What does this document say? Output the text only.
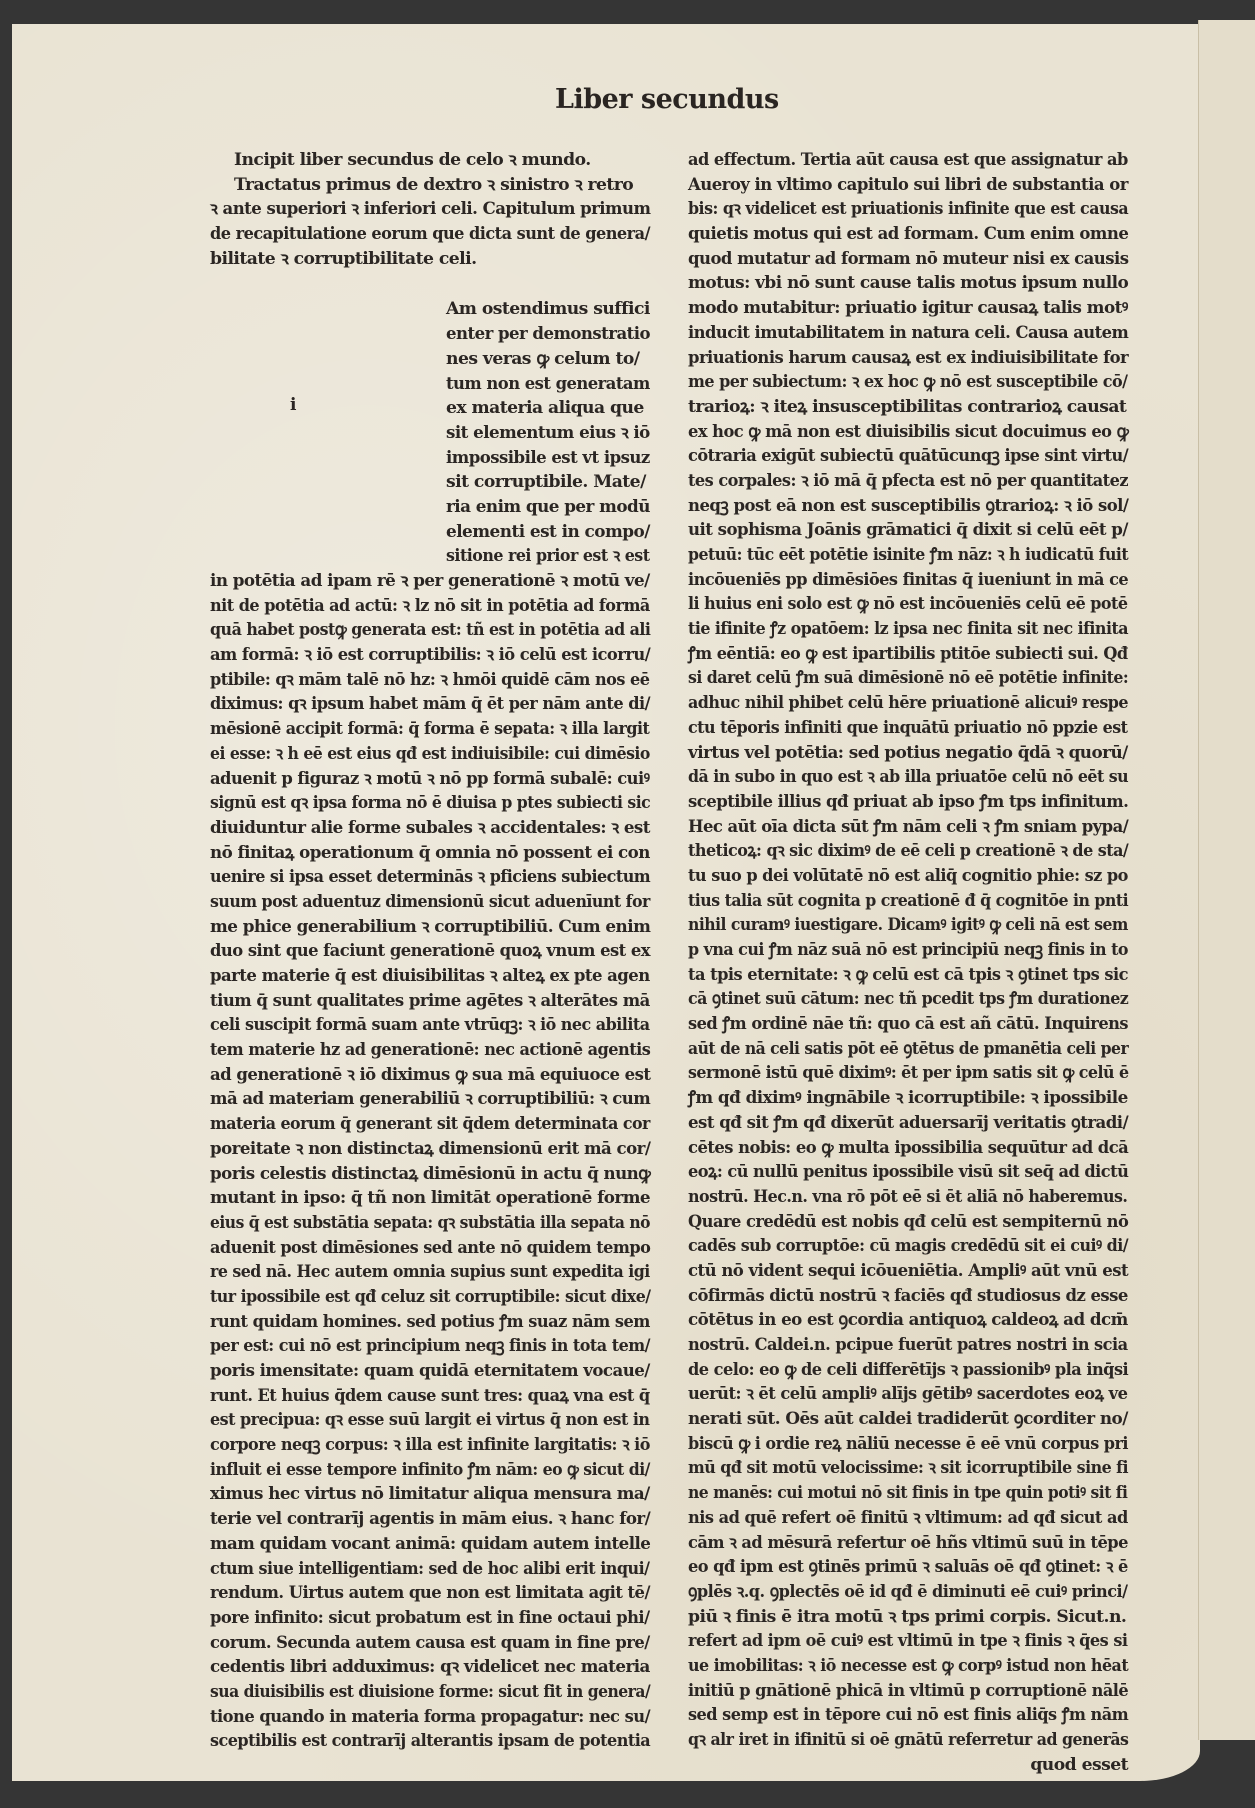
Liber secundus
i
Incipit liber secundus de celo ꝛ mundo.
Tractatus primus de dextro ꝛ sinistro ꝛ retro
ꝛ ante superiori ꝛ inferiori celi. Capitulum primum
de recapitulatione eorum que dicta sunt de genera/
bilitate ꝛ corruptibilitate celi.
Am ostendimus suffici
enter per demonstratio
nes veras ꝙ celum to/
tum non est generatam
ex materia aliqua que
sit elementum eius ꝛ iō
impossibile est vt ipsuz
sit corruptibile. Mate/
ria enim que per modū
elementi est in compo/
sitione rei prior est ꝛ est
in potētia ad ipam rē ꝛ per generationē ꝛ motū ve/
nit de potētia ad actū: ꝛ lz nō sit in potētia ad formā
quā habet postꝙ generata est: tñ est in potētia ad ali
am formā: ꝛ iō est corruptibilis: ꝛ iō celū est icorru/
ptibile: qꝛ mām talē nō hz: ꝛ hmōi quidē cām nos eē
diximus: qꝛ ipsum habet mām q̄ ēt per nām ante di/
mēsionē accipit formā: q̄ forma ē sepata: ꝛ illa largit
ei esse: ꝛ h eē est eius qđ est indiuisibile: cui dimēsio
aduenit p figuraz ꝛ motū ꝛ nō pp formā subalē: cuiꝰ
signū est qꝛ ipsa forma nō ē diuisa p ptes subiecti sic
diuiduntur alie forme subales ꝛ accidentales: ꝛ est
nō finitaꝝ operationum q̄ omnia nō possent ei con
uenire si ipsa esset determinās ꝛ pficiens subiectum
suum post aduentuz dimensionū sicut aduenīunt for
me phice generabilium ꝛ corruptibiliū. Cum enim
duo sint que faciunt generationē quoꝝ vnum est ex
parte materie q̄ est diuisibilitas ꝛ alteꝝ ex pte agen
tium q̄ sunt qualitates prime agētes ꝛ alterātes mā
celi suscipit formā suam ante vtrūqꝫ: ꝛ iō nec abilita
tem materie hz ad generationē: nec actionē agentis
ad generationē ꝛ iō diximus ꝙ sua mā equiuoce est
mā ad materiam generabiliū ꝛ corruptibiliū: ꝛ cum
materia eorum q̄ generant sit q̄dem determinata cor
poreitate ꝛ non distinctaꝝ dimensionū erit mā cor/
poris celestis distinctaꝝ dimēsionū in actu q̄ nunꝙ
mutant in ipso: q̄ tñ non limitāt operationē forme
eius q̄ est substātia sepata: qꝛ substātia illa sepata nō
aduenit post dimēsiones sed ante nō quidem tempo
re sed nā. Hec autem omnia supius sunt expedita igi
tur ipossibile est qđ celuz sit corruptibile: sicut dixe/
runt quidam homines. sed potius ꝭm suaz nām sem
per est: cui nō est principium neqꝫ finis in tota tem/
poris imensitate: quam quidā eternitatem vocaue/
runt. Et huius q̄dem cause sunt tres: quaꝝ vna est q̄
est precipua: qꝛ esse suū largit ei virtus q̄ non est in
corpore neqꝫ corpus: ꝛ illa est infinite largitatis: ꝛ iō
influit ei esse tempore infinito ꝭm nām: eo ꝙ sicut di/
ximus hec virtus nō limitatur aliqua mensura ma/
terie vel contrarīj agentis in mām eius. ꝛ hanc for/
mam quidam vocant animā: quidam autem intelle
ctum siue intelligentiam: sed de hoc alibi erit inqui/
rendum. Uirtus autem que non est limitata agit tē/
pore infinito: sicut probatum est in fine octaui phi/
corum. Secunda autem causa est quam in fine pre/
cedentis libri adduximus: qꝛ videlicet nec materia
sua diuisibilis est diuisione forme: sicut fit in genera/
tione quando in materia forma propagatur: nec su/
sceptibilis est contrarīj alterantis ipsam de potentia
ad effectum. Tertia aūt causa est que assignatur ab
Aueroy in vltimo capitulo sui libri de substantia or
bis: qꝛ videlicet est priuationis infinite que est causa
quietis motus qui est ad formam. Cum enim omne
quod mutatur ad formam nō muteur nisi ex causis
motus: vbi nō sunt cause talis motus ipsum nullo
modo mutabitur: priuatio igitur causaꝝ talis motꝰ
inducit imutabilitatem in natura celi. Causa autem
priuationis harum causaꝝ est ex indiuisibilitate for
me per subiectum: ꝛ ex hoc ꝙ nō est susceptibile cō/
trarioꝝ: ꝛ iteꝝ insusceptibilitas contrarioꝝ causat
ex hoc ꝙ mā non est diuisibilis sicut docuimus eo ꝙ
cōtraria exigūt subiectū quātūcunqꝫ ipse sint virtu/
tes corpales: ꝛ iō mā q̄ pfecta est nō per quantitatez
neqꝫ post eā non est susceptibilis ꝯtrarioꝝ: ꝛ iō sol/
uit sophisma Joānis grāmatici q̄ dixit si celū eēt p/
petuū: tūc eēt potētie isinite ꝭm nāz: ꝛ h iudicatū fuit
incōueniēs pp dimēsiōes finitas q̄ iueniunt in mā ce
li huius eni solo est ꝙ nō est incōueniēs celū eē potē
tie ifinite ꝭz opatōem: lz ipsa nec finita sit nec ifinita
ꝭm eēntiā: eo ꝙ est ipartibilis ptitōe subiecti sui. Qđ
si daret celū ꝭm suā dimēsionē nō eē potētie infinite:
adhuc nihil phibet celū hēre priuationē alicuiꝰ respe
ctu tēporis infiniti que inquātū priuatio nō ppzie est
virtus vel potētia: sed potius negatio q̄dā ꝛ quorū/
dā in subo in quo est ꝛ ab illa priuatōe celū nō eēt su
sceptibile illius qđ priuat ab ipso ꝭm tps infinitum.
Hec aūt oīa dicta sūt ꝭm nām celi ꝛ ꝭm sniam pypa/
theticoꝝ: qꝛ sic diximꝰ de eē celi p creationē ꝛ de sta/
tu suo p dei volūtatē nō est aliq̄ cognitio phie: sz po
tius talia sūt cognita p creationē đ q̄ cognitōe in pnti
nihil curamꝰ iuestigare. Dicamꝰ igitꝰ ꝙ celi nā est sem
p vna cui ꝭm nāz suā nō est principiū neqꝫ finis in to
ta tpis eternitate: ꝛ ꝙ celū est cā tpis ꝛ ꝯtinet tps sic
cā ꝯtinet suū cātum: nec tñ pcedit tps ꝭm durationez
sed ꝭm ordinē nāe tñ: quo cā est añ cātū. Inquirens
aūt de nā celi satis pōt eē ꝯtētus de pmanētia celi per
sermonē istū quē diximꝰ: ēt per ipm satis sit ꝙ celū ē
ꝭm qđ diximꝰ ingnābile ꝛ icorruptibile: ꝛ ipossibile
est qđ sit ꝭm qđ dixerūt aduersarīj veritatis ꝯtradi/
cētes nobis: eo ꝙ multa ipossibilia sequūtur ad dcā
eoꝝ: cū nullū penitus ipossibile visū sit seq̄ ad dictū
nostrū. Hec.n. vna rō pōt eē si ēt aliā nō haberemus.
Quare credēdū est nobis qđ celū est sempiternū nō
cadēs sub corruptōe: cū magis credēdū sit ei cuiꝰ di/
ctū nō vident sequi icōueniētia. Ampliꝰ aūt vnū est
cōfirmās dictū nostrū ꝛ faciēs qđ studiosus dz esse
cōtētus in eo est ꝯcordia antiquoꝝ caldeoꝝ ad dcm̄
nostrū. Caldei.n. pcipue fuerūt patres nostri in scia
de celo: eo ꝙ de celi differētījs ꝛ passionibꝰ pla inq̄si
uerūt: ꝛ ēt celū ampliꝰ alījs gētibꝰ sacerdotes eoꝝ ve
nerati sūt. Oēs aūt caldei tradiderūt ꝯcorditer no/
biscū ꝙ i ordie reꝝ nāliū necesse ē eē vnū corpus pri
mū qđ sit motū velocissime: ꝛ sit icorruptibile sine fi
ne manēs: cui motui nō sit finis in tpe quin potiꝰ sit fi
nis ad quē refert oē finitū ꝛ vltimum: ad qđ sicut ad
cām ꝛ ad mēsurā refertur oē hñs vltimū suū in tēpe
eo qđ ipm est ꝯtinēs primū ꝛ saluās oē qđ ꝯtinet: ꝛ ē
ꝯplēs ꝛ.q. ꝯplectēs oē id qđ ē diminuti eē cuiꝰ princi/
piū ꝛ finis ē itra motū ꝛ tps primi corpis. Sicut.n.
refert ad ipm oē cuiꝰ est vltimū in tpe ꝛ finis ꝛ q̄es si
ue imobilitas: ꝛ iō necesse est ꝙ corpꝰ istud non hēat
initiū p gnātionē phicā in vltimū p corruptionē nālē
sed semp est in tēpore cui nō est finis aliq̄s ꝭm nām
qꝛ alr iret in ifinitū si oē gnātū referretur ad generās
quod esset
